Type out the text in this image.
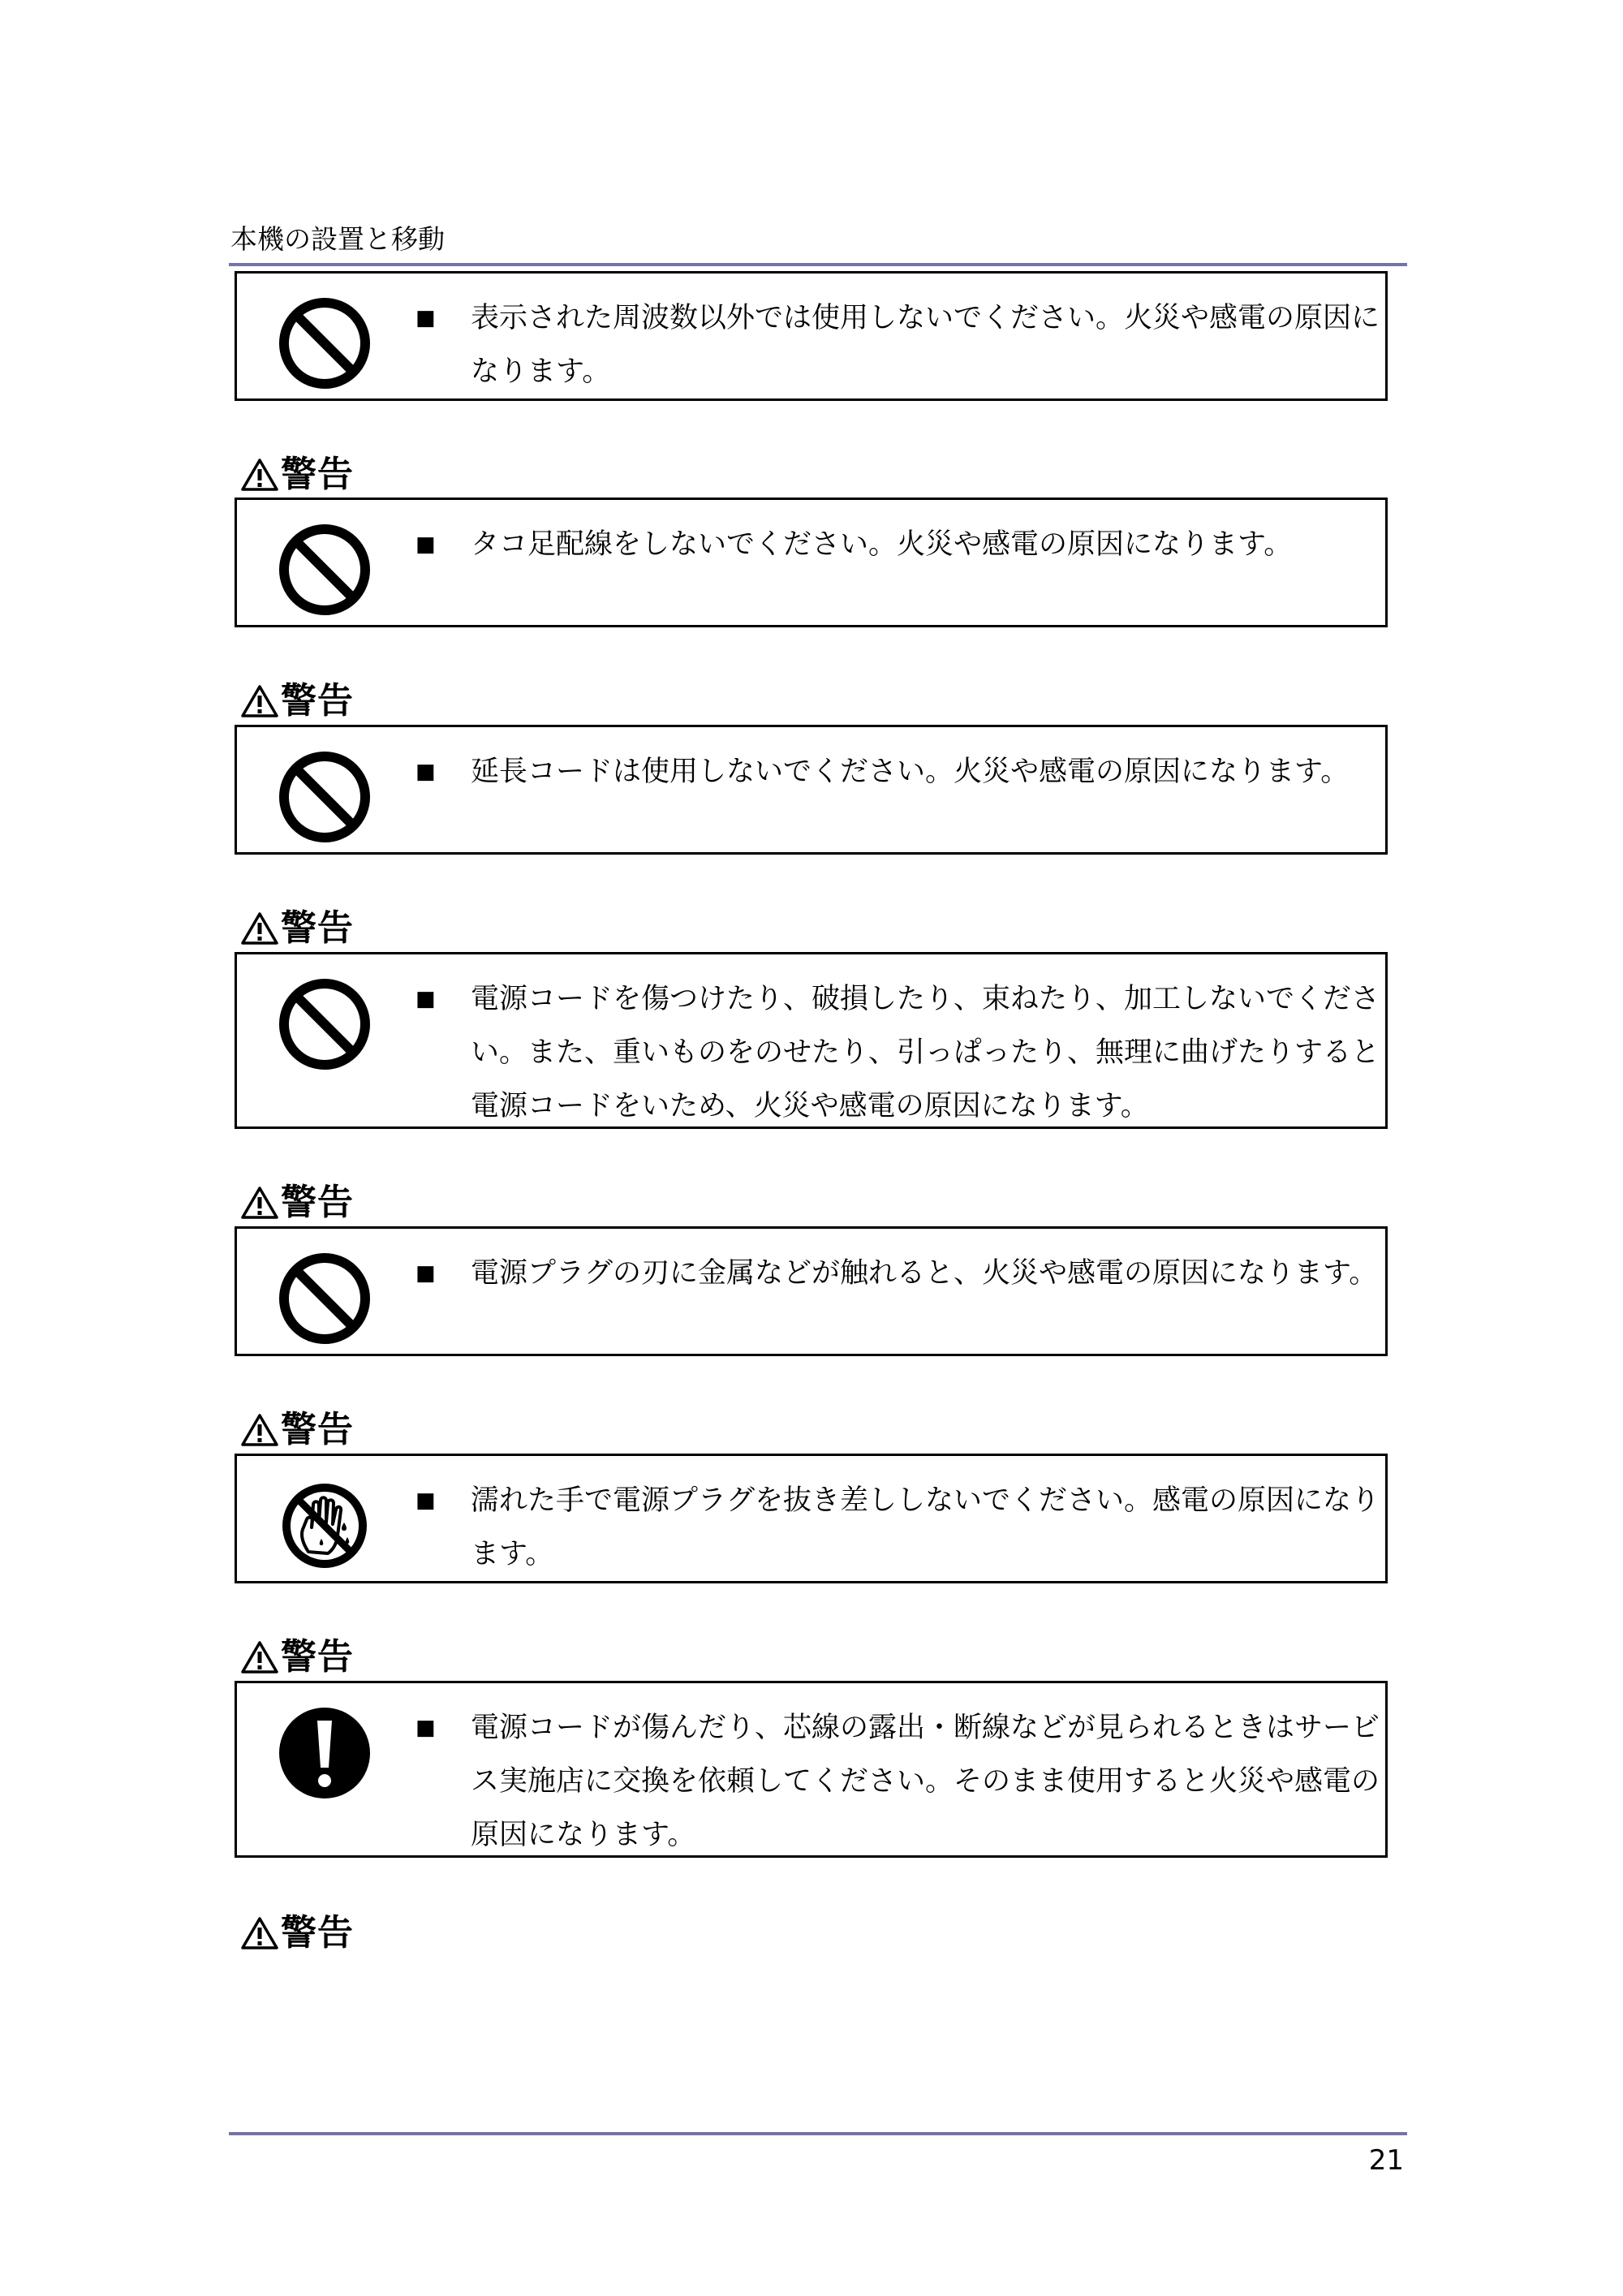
本機の設置と移動
■ 表示された周波数以外では使用しないでください。火災や感電の原因に
なります。
警告
■ タコ足配線をしないでください。火災や感電の原因になります。
警告
■ 延長コードは使用しないでください。火災や感電の原因になります。
警告
■ 電源コードを傷つけたり、破損したり、束ねたり、加工しないでくださ
い。また、重いものをのせたり、引っぱったり、無理に曲げたりすると
電源コードをいため、火災や感電の原因になります。
警告
■ 電源プラグの刃に金属などが触れると、火災や感電の原因になります。
警告
■ 濡れた手で電源プラグを抜き差ししないでください。感電の原因になり
ます。
警告
■ 電源コードが傷んだり、芯線の露出・断線などが見られるときはサービ
ス実施店に交換を依頼してください。そのまま使用すると火災や感電の
原因になります。
警告
21
